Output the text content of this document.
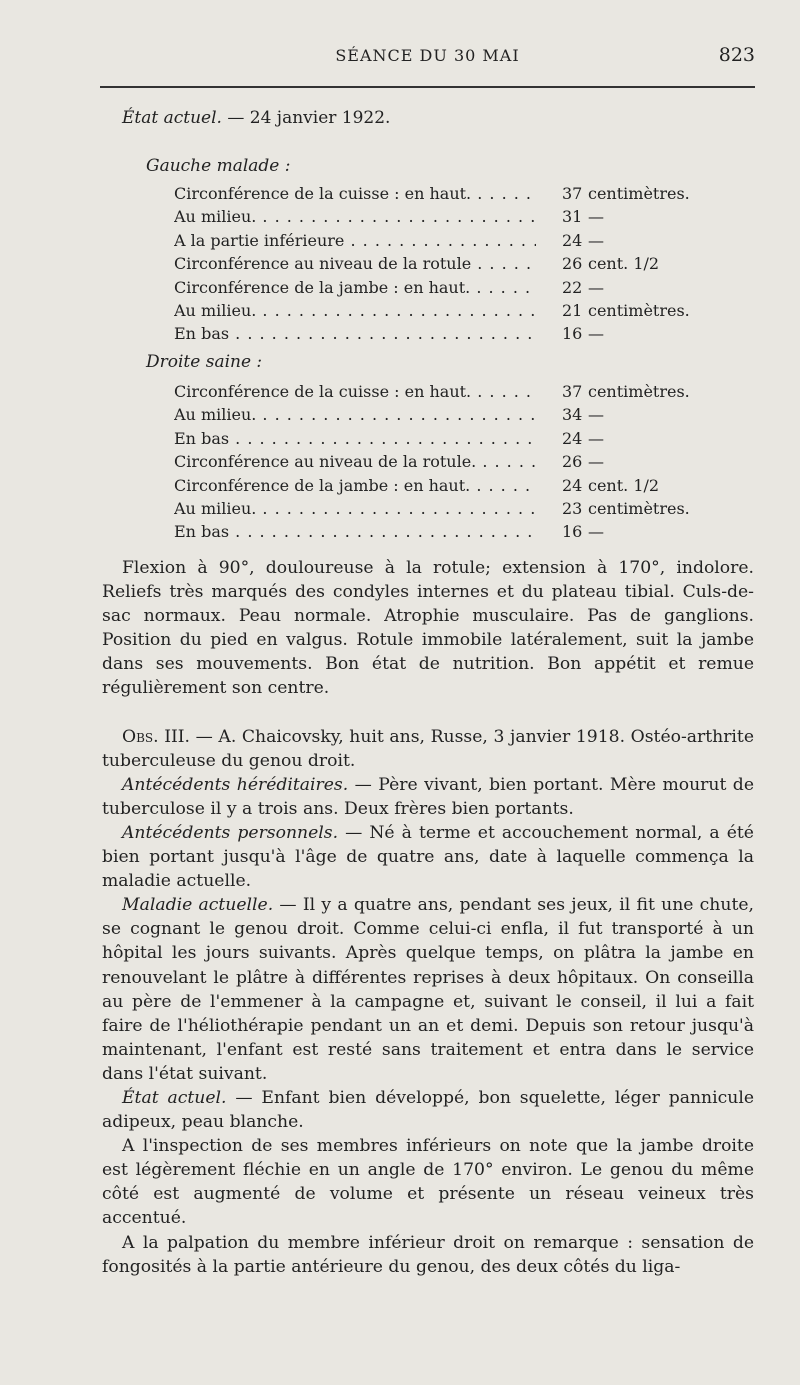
SÉANCE DU 30 MAI	823
État actuel. — 24 janvier 1922.
Gauche malade :
Circonférence de la cuisse : en haut. . . .	37 centimètres.
Au milieu. . . .	31 —
A la partie inférieure . . .	24 —
Circonférence au niveau de la rotule . . .	26 cent. 1/2
Circonférence de la jambe : en haut. . . .	22 —
Au milieu. . . .	21 centimètres.
En bas . . .	16 —
Droite saine :
Circonférence de la cuisse : en haut. . . .	37 centimètres.
Au milieu. . . .	34 —
En bas . . .	24 —
Circonférence au niveau de la rotule. . . .	26 —
Circonférence de la jambe : en haut. . . .	24 cent. 1/2
Au milieu. . . .	23 centimètres.
En bas . . .	16 —

Flexion à 90°, douloureuse à la rotule; extension à 170°, indolore. Reliefs très marqués des condyles internes et du plateau tibial. Culs-de-sac normaux. Peau normale. Atrophie musculaire. Pas de ganglions. Position du pied en valgus. Rotule immobile latéralement, suit la jambe dans ses mouvements. Bon état de nutrition. Bon appétit et remue régulièrement son centre.

Obs. III. — A. Chaicovsky, huit ans, Russe, 3 janvier 1918. Ostéo-arthrite tuberculeuse du genou droit.

Antécédents héréditaires. — Père vivant, bien portant. Mère mourut de tuberculose il y a trois ans. Deux frères bien portants.

Antécédents personnels. — Né à terme et accouchement normal, a été bien portant jusqu'à l'âge de quatre ans, date à laquelle commença la maladie actuelle.

Maladie actuelle. — Il y a quatre ans, pendant ses jeux, il fit une chute, se cognant le genou droit. Comme celui-ci enfla, il fut transporté à un hôpital les jours suivants. Après quelque temps, on plâtra la jambe en renouvelant le plâtre à différentes reprises à deux hôpitaux. On conseilla au père de l'emmener à la campagne et, suivant le conseil, il lui a fait faire de l'héliothérapie pendant un an et demi. Depuis son retour jusqu'à maintenant, l'enfant est resté sans traitement et entra dans le service dans l'état suivant.

État actuel. — Enfant bien développé, bon squelette, léger pannicule adipeux, peau blanche.

A l'inspection de ses membres inférieurs on note que la jambe droite est légèrement fléchie en un angle de 170° environ. Le genou du même côté est augmenté de volume et présente un réseau veineux très accentué.

A la palpation du membre inférieur droit on remarque : sensation de fongosités à la partie antérieure du genou, des deux côtés du liga-
